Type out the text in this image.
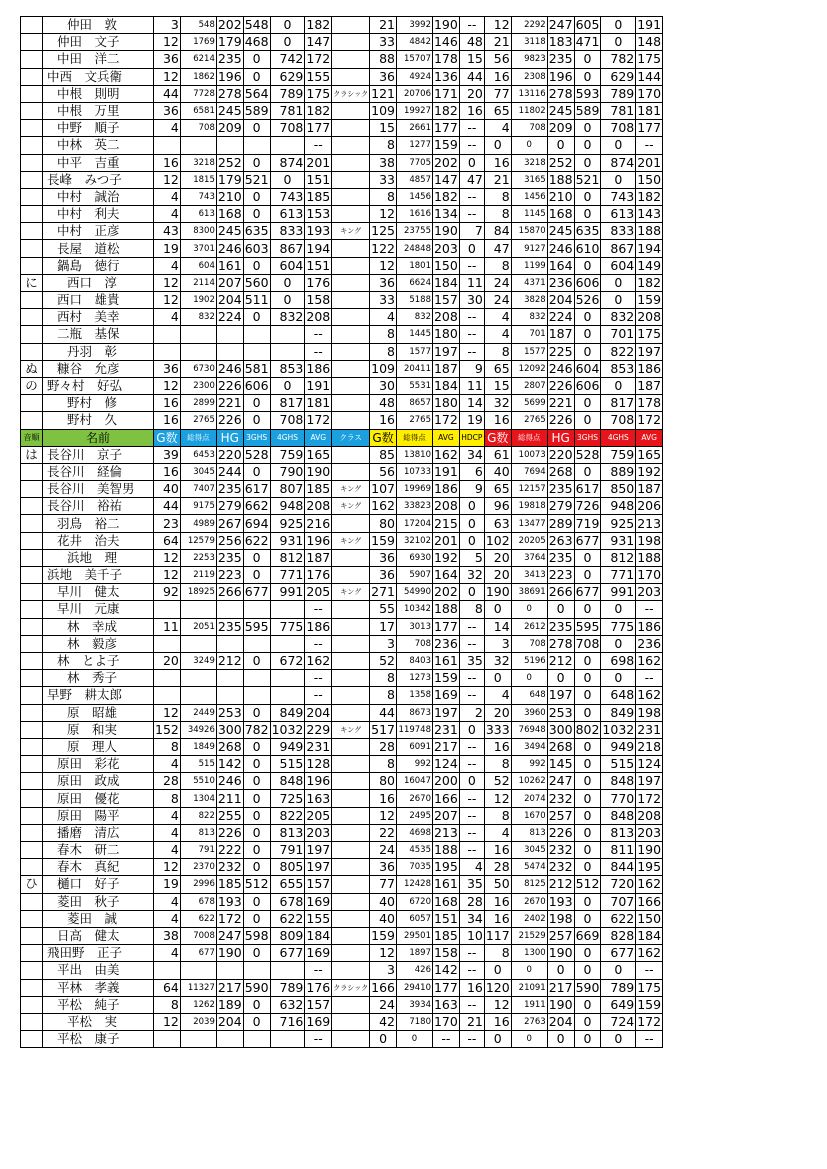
	仲田　敦	3	548	202	548	0	182		21	3992	190	--	12	2292	247	605	0	191
	仲田　文子	12	1769	179	468	0	147		33	4842	146	48	21	3118	183	471	0	148
	中田　洋二	36	6214	235	0	742	172		88	15707	178	15	56	9823	235	0	782	175
	中西　文兵衛	12	1862	196	0	629	155		36	4924	136	44	16	2308	196	0	629	144
	中根　則明	44	7728	278	564	789	175	クラシック	121	20706	171	20	77	13116	278	593	789	170
	中根　万里	36	6581	245	589	781	182		109	19927	182	16	65	11802	245	589	781	181
	中野　順子	4	708	209	0	708	177		15	2661	177	--	4	708	209	0	708	177
	中林　英二						--		8	1277	159	--	0	0	0	0	0	--
	中平　吉重	16	3218	252	0	874	201		38	7705	202	0	16	3218	252	0	874	201
	長峰　みつ子	12	1815	179	521	0	151		33	4857	147	47	21	3165	188	521	0	150
	中村　誠治	4	743	210	0	743	185		8	1456	182	--	8	1456	210	0	743	182
	中村　利夫	4	613	168	0	613	153		12	1616	134	--	8	1145	168	0	613	143
	中村　正彦	43	8300	245	635	833	193	キング	125	23755	190	7	84	15870	245	635	833	188
	長屋　道松	19	3701	246	603	867	194		122	24848	203	0	47	9127	246	610	867	194
	鍋島　徳行	4	604	161	0	604	151		12	1801	150	--	8	1199	164	0	604	149
に	西口　淳	12	2114	207	560	0	176		36	6624	184	11	24	4371	236	606	0	182
	西口　雄貴	12	1902	204	511	0	158		33	5188	157	30	24	3828	204	526	0	159
	西村　美幸	4	832	224	0	832	208		4	832	208	--	4	832	224	0	832	208
	二瓶　基保						--		8	1445	180	--	4	701	187	0	701	175
	丹羽　彰						--		8	1577	197	--	8	1577	225	0	822	197
ぬ	糠谷　允彦	36	6730	246	581	853	186		109	20411	187	9	65	12092	246	604	853	186
の	野々村　好弘	12	2300	226	606	0	191		30	5531	184	11	15	2807	226	606	0	187
	野村　修	16	2899	221	0	817	181		48	8657	180	14	32	5699	221	0	817	178
	野村　久	16	2765	226	0	708	172		16	2765	172	19	16	2765	226	0	708	172
音順	名前	G数	総得点	HG	3GHS	4GHS	AVG	クラス	G数	総得点	AVG	HDCP	G数	総得点	HG	3GHS	4GHS	AVG
は	長谷川　京子	39	6453	220	528	759	165		85	13810	162	34	61	10073	220	528	759	165
	長谷川　経倫	16	3045	244	0	790	190		56	10733	191	6	40	7694	268	0	889	192
	長谷川　美智男	40	7407	235	617	807	185	キング	107	19969	186	9	65	12157	235	617	850	187
	長谷川　裕祐	44	9175	279	662	948	208	キング	162	33823	208	0	96	19818	279	726	948	206
	羽鳥　裕二	23	4989	267	694	925	216		80	17204	215	0	63	13477	289	719	925	213
	花井　治夫	64	12579	256	622	931	196	キング	159	32102	201	0	102	20205	263	677	931	198
	浜地　理	12	2253	235	0	812	187		36	6930	192	5	20	3764	235	0	812	188
	浜地　美千子	12	2119	223	0	771	176		36	5907	164	32	20	3413	223	0	771	170
	早川　健太	92	18925	266	677	991	205	キング	271	54990	202	0	190	38691	266	677	991	203
	早川　元康						--		55	10342	188	8	0	0	0	0	0	--
	林　幸成	11	2051	235	595	775	186		17	3013	177	--	14	2612	235	595	775	186
	林　毅彦						--		3	708	236	--	3	708	278	708	0	236
	林　とよ子	20	3249	212	0	672	162		52	8403	161	35	32	5196	212	0	698	162
	林　秀子						--		8	1273	159	--	0	0	0	0	0	--
	早野　耕太郎						--		8	1358	169	--	4	648	197	0	648	162
	原　昭雄	12	2449	253	0	849	204		44	8673	197	2	20	3960	253	0	849	198
	原　和実	152	34926	300	782	1032	229	キング	517	119748	231	0	333	76948	300	802	1032	231
	原　理人	8	1849	268	0	949	231		28	6091	217	--	16	3494	268	0	949	218
	原田　彩花	4	515	142	0	515	128		8	992	124	--	8	992	145	0	515	124
	原田　政成	28	5510	246	0	848	196		80	16047	200	0	52	10262	247	0	848	197
	原田　優花	8	1304	211	0	725	163		16	2670	166	--	12	2074	232	0	770	172
	原田　陽平	4	822	255	0	822	205		12	2495	207	--	8	1670	257	0	848	208
	播磨　清広	4	813	226	0	813	203		22	4698	213	--	4	813	226	0	813	203
	春木　研二	4	791	222	0	791	197		24	4535	188	--	16	3045	232	0	811	190
	春木　真紀	12	2370	232	0	805	197		36	7035	195	4	28	5474	232	0	844	195
ひ	樋口　好子	19	2996	185	512	655	157		77	12428	161	35	50	8125	212	512	720	162
	菱田　秋子	4	678	193	0	678	169		40	6720	168	28	16	2670	193	0	707	166
	菱田　誠	4	622	172	0	622	155		40	6057	151	34	16	2402	198	0	622	150
	日高　健太	38	7008	247	598	809	184		159	29501	185	10	117	21529	257	669	828	184
	飛田野　正子	4	677	190	0	677	169		12	1897	158	--	8	1300	190	0	677	162
	平出　由美						--		3	426	142	--	0	0	0	0	0	--
	平林　孝義	64	11327	217	590	789	176	クラシック	166	29410	177	16	120	21091	217	590	789	175
	平松　純子	8	1262	189	0	632	157		24	3934	163	--	12	1911	190	0	649	159
	平松　実	12	2039	204	0	716	169		42	7180	170	21	16	2763	204	0	724	172
	平松　康子						--		0	0	--	--	0	0	0	0	0	--
